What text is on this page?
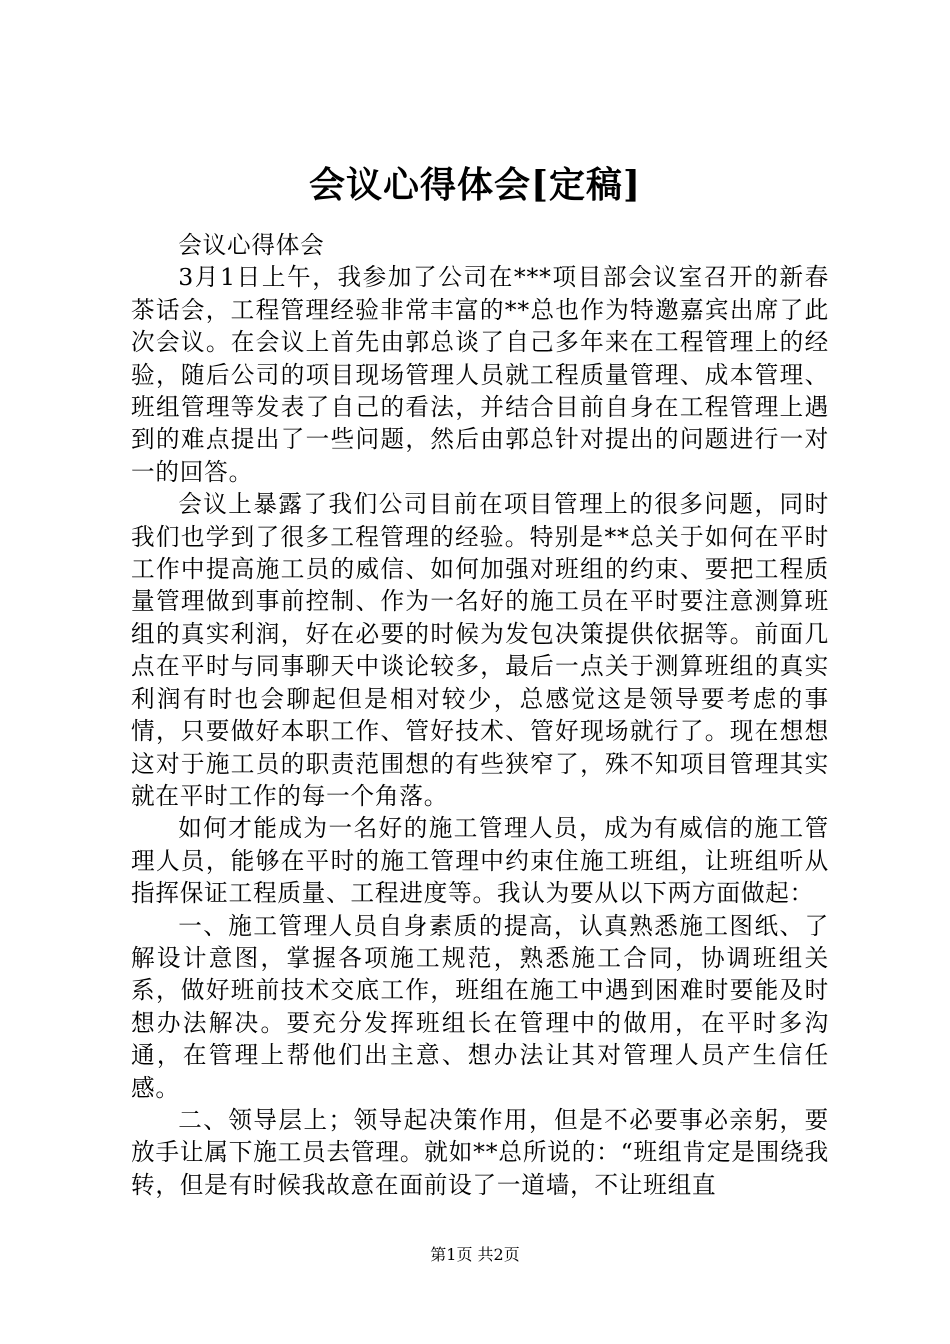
会议心得体会[定稿]

会议心得体会

3月1日上午，我参加了公司在***项目部会议室召开的新春茶话会，工程管理经验非常丰富的**总也作为特邀嘉宾出席了此次会议。在会议上首先由郭总谈了自己多年来在工程管理上的经验，随后公司的项目现场管理人员就工程质量管理、成本管理、班组管理等发表了自己的看法，并结合目前自身在工程管理上遇到的难点提出了一些问题，然后由郭总针对提出的问题进行一对一的回答。

会议上暴露了我们公司目前在项目管理上的很多问题，同时我们也学到了很多工程管理的经验。特别是**总关于如何在平时工作中提高施工员的威信、如何加强对班组的约束、要把工程质量管理做到事前控制、作为一名好的施工员在平时要注意测算班组的真实利润，好在必要的时候为发包决策提供依据等。前面几点在平时与同事聊天中谈论较多，最后一点关于测算班组的真实利润有时也会聊起但是相对较少，总感觉这是领导要考虑的事情，只要做好本职工作、管好技术、管好现场就行了。现在想想这对于施工员的职责范围想的有些狭窄了，殊不知项目管理其实就在平时工作的每一个角落。

如何才能成为一名好的施工管理人员，成为有威信的施工管理人员，能够在平时的施工管理中约束住施工班组，让班组听从指挥保证工程质量、工程进度等。我认为要从以下两方面做起：

一、施工管理人员自身素质的提高，认真熟悉施工图纸、了解设计意图，掌握各项施工规范，熟悉施工合同，协调班组关系，做好班前技术交底工作，班组在施工中遇到困难时要能及时想办法解决。要充分发挥班组长在管理中的做用，在平时多沟通，在管理上帮他们出主意、想办法让其对管理人员产生信任感。

二、领导层上；领导起决策作用，但是不必要事必亲躬，要放手让属下施工员去管理。就如**总所说的：“班组肯定是围绕我转，但是有时候我故意在面前设了一道墙，不让班组直

第1页 共2页
